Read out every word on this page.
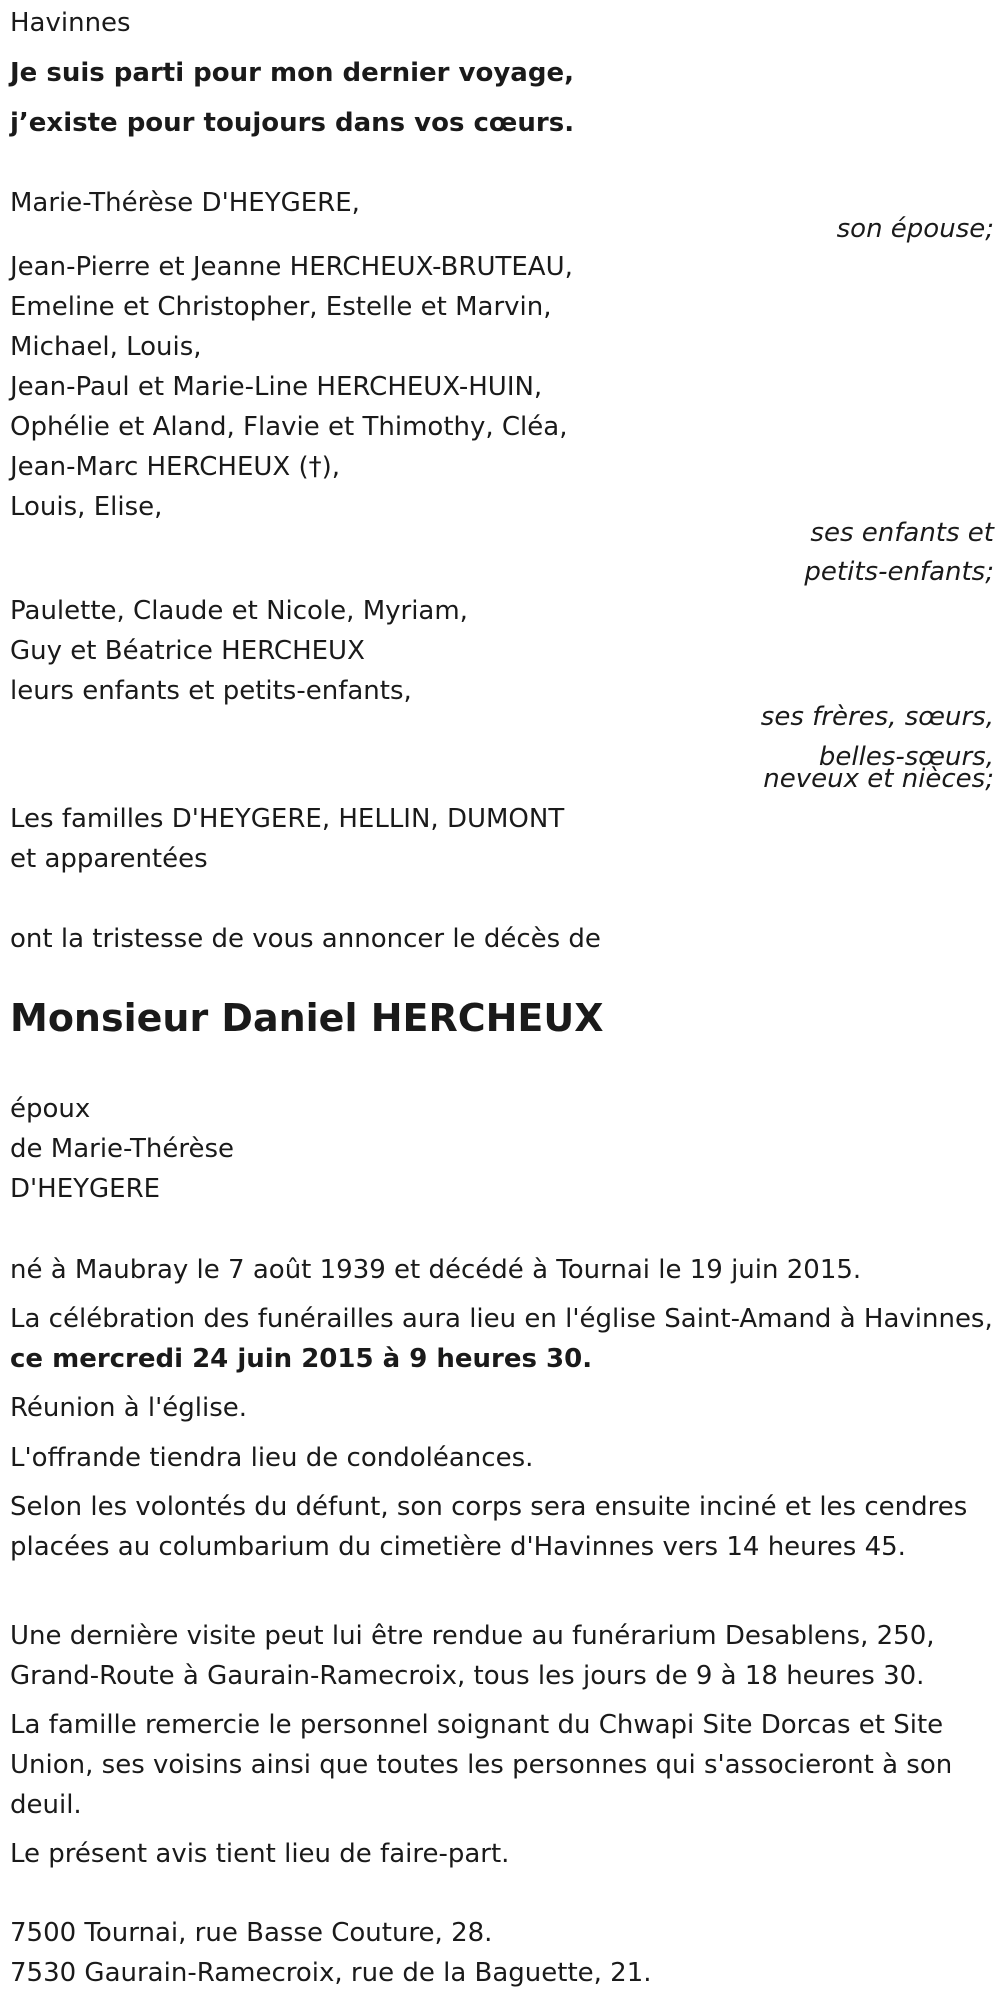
Havinnes
Je suis parti pour mon dernier voyage,
j’existe pour toujours dans vos cœurs.
Marie-Thérèse D'HEYGERE,
son épouse;
Jean-Pierre et Jeanne HERCHEUX-BRUTEAU,
Emeline et Christopher, Estelle et Marvin,
Michael, Louis,
Jean-Paul et Marie-Line HERCHEUX-HUIN,
Ophélie et Aland, Flavie et Thimothy, Cléa,
Jean-Marc HERCHEUX (†),
Louis, Elise,
ses enfants et
petits-enfants;
Paulette, Claude et Nicole, Myriam,
Guy et Béatrice HERCHEUX
leurs enfants et petits-enfants,
ses frères, sœurs,
belles-sœurs,
neveux et nièces;
Les familles D'HEYGERE, HELLIN, DUMONT
et apparentées
ont la tristesse de vous annoncer le décès de
Monsieur Daniel HERCHEUX
époux
de Marie-Thérèse
D'HEYGERE
né à Maubray le 7 août 1939 et décédé à Tournai le 19 juin 2015.
La célébration des funérailles aura lieu en l'église Saint-Amand à Havinnes, ce mercredi 24 juin 2015 à 9 heures 30.
Réunion à l'église.
L'offrande tiendra lieu de condoléances.
Selon les volontés du défunt, son corps sera ensuite inciné et les cendres placées au columbarium du cimetière d'Havinnes vers 14 heures 45.
Une dernière visite peut lui être rendue au funérarium Desablens, 250, Grand-Route à Gaurain-Ramecroix, tous les jours de 9 à 18 heures 30.
La famille remercie le personnel soignant du Chwapi Site Dorcas et Site Union, ses voisins ainsi que toutes les personnes qui s'associeront à son deuil.
Le présent avis tient lieu de faire-part.
7500 Tournai, rue Basse Couture, 28.
7530 Gaurain-Ramecroix, rue de la Baguette, 21.
